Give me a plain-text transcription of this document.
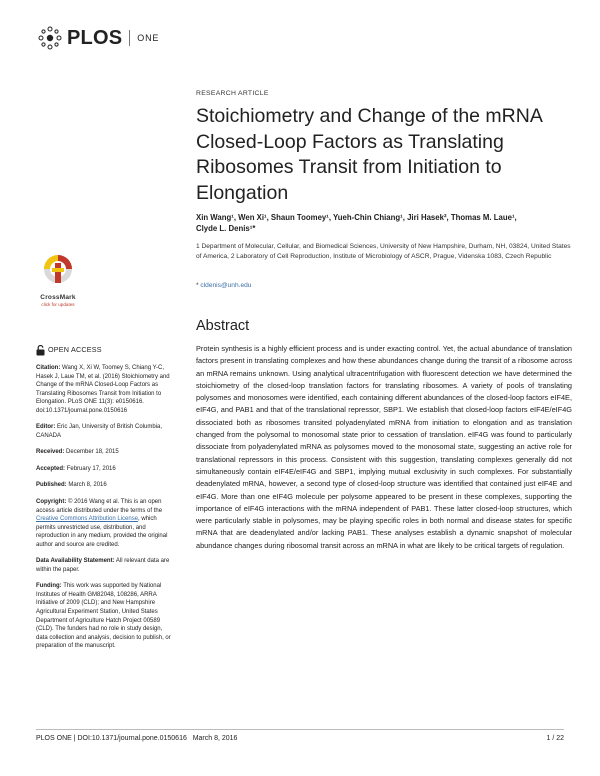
PLOS ONE
RESEARCH ARTICLE
Stoichiometry and Change of the mRNA Closed-Loop Factors as Translating Ribosomes Transit from Initiation to Elongation
Xin Wang¹, Wen Xi¹, Shaun Toomey¹, Yueh-Chin Chiang¹, Jiri Hasek², Thomas M. Laue¹,
Clyde L. Denis¹*
1 Department of Molecular, Cellular, and Biomedical Sciences, University of New Hampshire, Durham, NH, 03824, United States of America, 2 Laboratory of Cell Reproduction, Institute of Microbiology of ASCR, Prague, Videnska 1083, Czech Republic
* cldenis@unh.edu
CrossMark
click for updates
Abstract
Protein synthesis is a highly efficient process and is under exacting control. Yet, the actual abundance of translation factors present in translating complexes and how these abundances change during the transit of a ribosome across an mRNA remains unknown. Using analytical ultracentrifugation with fluorescent detection we have determined the stoichiometry of the closed-loop translation factors for translating ribosomes. A variety of pools of translating polysomes and monosomes were identified, each containing different abundances of the closed-loop factors eIF4E, eIF4G, and PAB1 and that of the translational repressor, SBP1. We establish that closed-loop factors eIF4E/eIF4G dissociated both as ribosomes transited polyadenylated mRNA from initiation to elongation and as translation changed from the polysomal to monosomal state prior to cessation of translation. eIF4G was found to particularly dissociate from polyadenylated mRNA as polysomes moved to the monosomal state, suggesting an active role for translational repressors in this process. Consistent with this suggestion, translating complexes generally did not simultaneously contain eIF4E/eIF4G and SBP1, implying mutual exclusivity in such complexes. For substantially deadenylated mRNA, however, a second type of closed-loop structure was identified that contained just eIF4E and eIF4G. More than one eIF4G molecule per polysome appeared to be present in these complexes, supporting the importance of eIF4G interactions with the mRNA independent of PAB1. These latter closed-loop structures, which were particularly stable in polysomes, may be playing specific roles in both normal and disease states for specific mRNA that are deadenylated and/or lacking PAB1. These analyses establish a dynamic snapshot of molecular abundance changes during ribosomal transit across an mRNA in what are likely to be critical targets of regulation.
OPEN ACCESS
Citation: Wang X, Xi W, Toomey S, Chiang Y-C, Hasek J, Laue TM, et al. (2016) Stoichiometry and Change of the mRNA Closed-Loop Factors as Translating Ribosomes Transit from Initiation to Elongation. PLoS ONE 11(3): e0150616. doi:10.1371/journal.pone.0150616
Editor: Eric Jan, University of British Columbia, CANADA
Received: December 18, 2015
Accepted: February 17, 2016
Published: March 8, 2016
Copyright: © 2016 Wang et al. This is an open access article distributed under the terms of the Creative Commons Attribution License, which permits unrestricted use, distribution, and reproduction in any medium, provided the original author and source are credited.
Data Availability Statement: All relevant data are within the paper.
Funding: This work was supported by National Institutes of Health GM82048, 108286, ARRA Initiative of 2009 (CLD); and New Hampshire Agricultural Experiment Station, United States Department of Agriculture Hatch Project 00589 (CLD). The funders had no role in study design, data collection and analysis, decision to publish, or preparation of the manuscript.
PLOS ONE | DOI:10.1371/journal.pone.0150616   March 8, 2016	1 / 22
